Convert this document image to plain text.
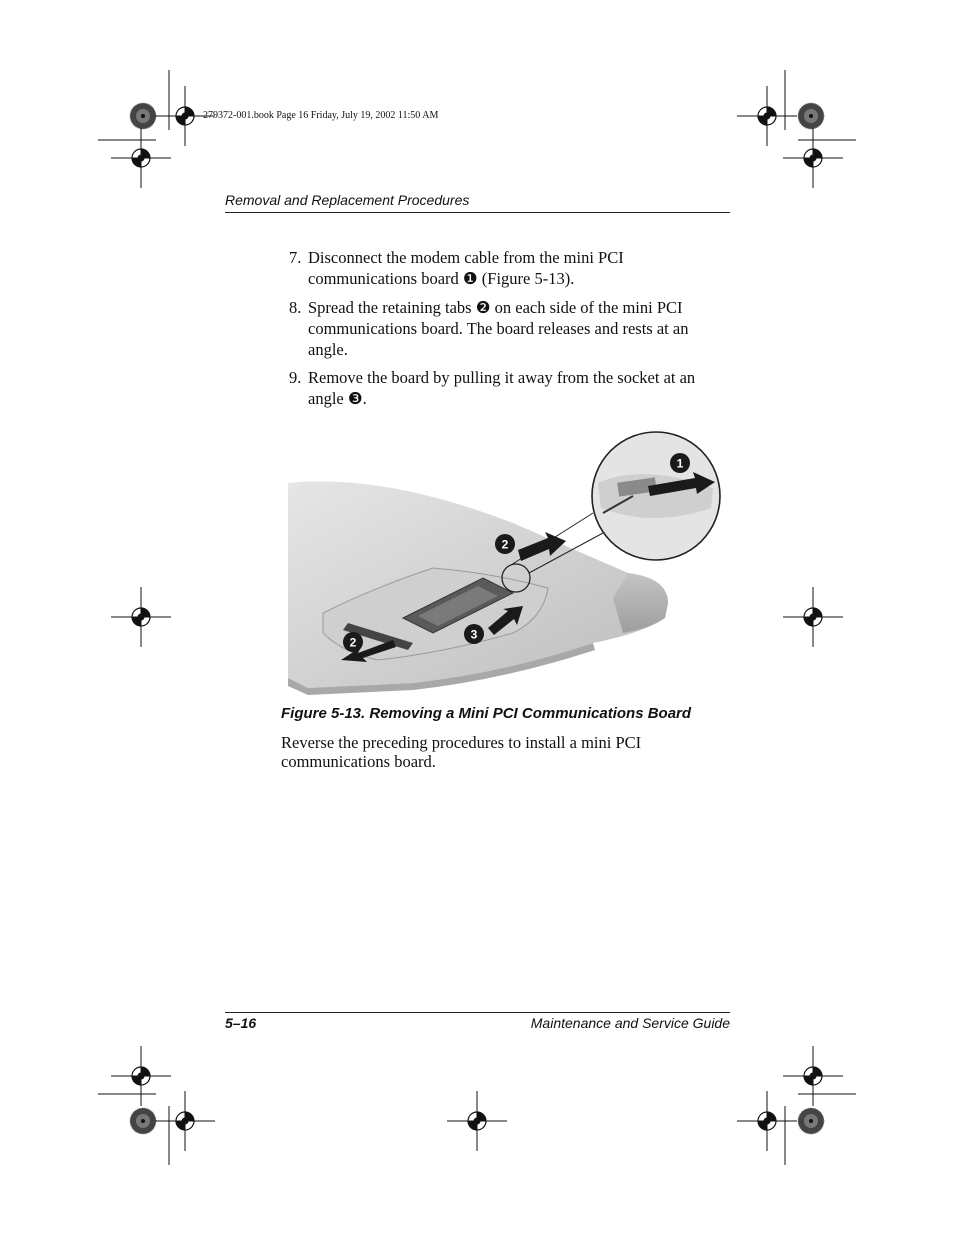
279372-001.book Page 16 Friday, July 19, 2002 11:50 AM
Removal and Replacement Procedures
7. Disconnect the modem cable from the mini PCI communications board ❶ (Figure 5-13).
8. Spread the retaining tabs ❷ on each side of the mini PCI communications board. The board releases and rests at an angle.
9. Remove the board by pulling it away from the socket at an angle ❸.
1
2
2
3
Figure 5-13. Removing a Mini PCI Communications Board
Reverse the preceding procedures to install a mini PCI communications board.
5–16	Maintenance and Service Guide
